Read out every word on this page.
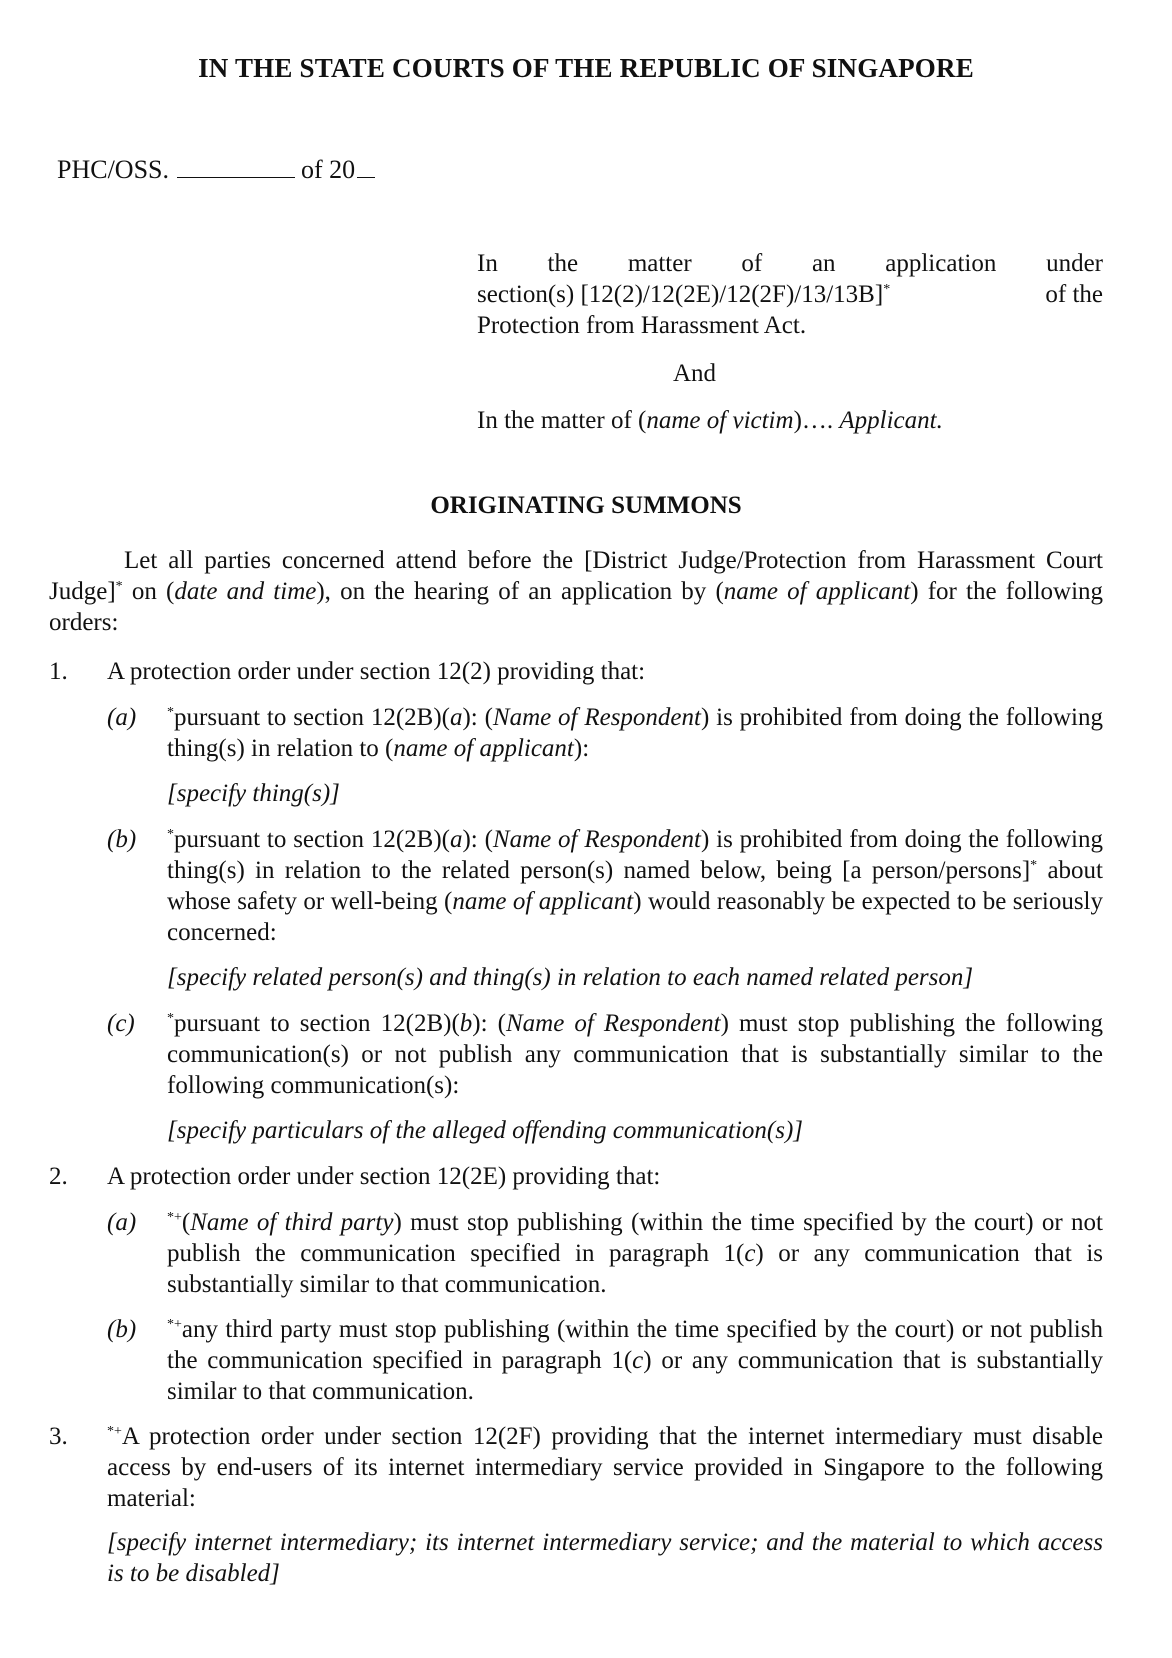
IN THE STATE COURTS OF THE REPUBLIC OF SINGAPORE
PHC/OSS.	of 20
In the matter of an application under
section(s) [12(2)/12(2E)/12(2F)/13/13B]*	of the
Protection from Harassment Act.
And
In the matter of (name of victim)…. Applicant.
ORIGINATING SUMMONS
Let all parties concerned attend before the [District Judge/Protection from Harassment Court Judge]* on (date and time), on the hearing of an application by (name of applicant) for the following orders:
1.	A protection order under section 12(2) providing that:
(a)	*pursuant to section 12(2B)(a): (Name of Respondent) is prohibited from doing the following thing(s) in relation to (name of applicant):
[specify thing(s)]
(b)	*pursuant to section 12(2B)(a): (Name of Respondent) is prohibited from doing the following thing(s) in relation to the related person(s) named below, being [a person/persons]* about whose safety or well-being (name of applicant) would reasonably be expected to be seriously concerned:
[specify related person(s) and thing(s) in relation to each named related person]
(c)	*pursuant to section 12(2B)(b): (Name of Respondent) must stop publishing the following communication(s) or not publish any communication that is substantially similar to the following communication(s):
[specify particulars of the alleged offending communication(s)]
2.	A protection order under section 12(2E) providing that:
(a)	*+(Name of third party) must stop publishing (within the time specified by the court) or not publish the communication specified in paragraph 1(c) or any communication that is substantially similar to that communication.
(b)	*+any third party must stop publishing (within the time specified by the court) or not publish the communication specified in paragraph 1(c) or any communication that is substantially similar to that communication.
3.	*+A protection order under section 12(2F) providing that the internet intermediary must disable access by end-users of its internet intermediary service provided in Singapore to the following material:
[specify internet intermediary; its internet intermediary service; and the material to which access is to be disabled]
